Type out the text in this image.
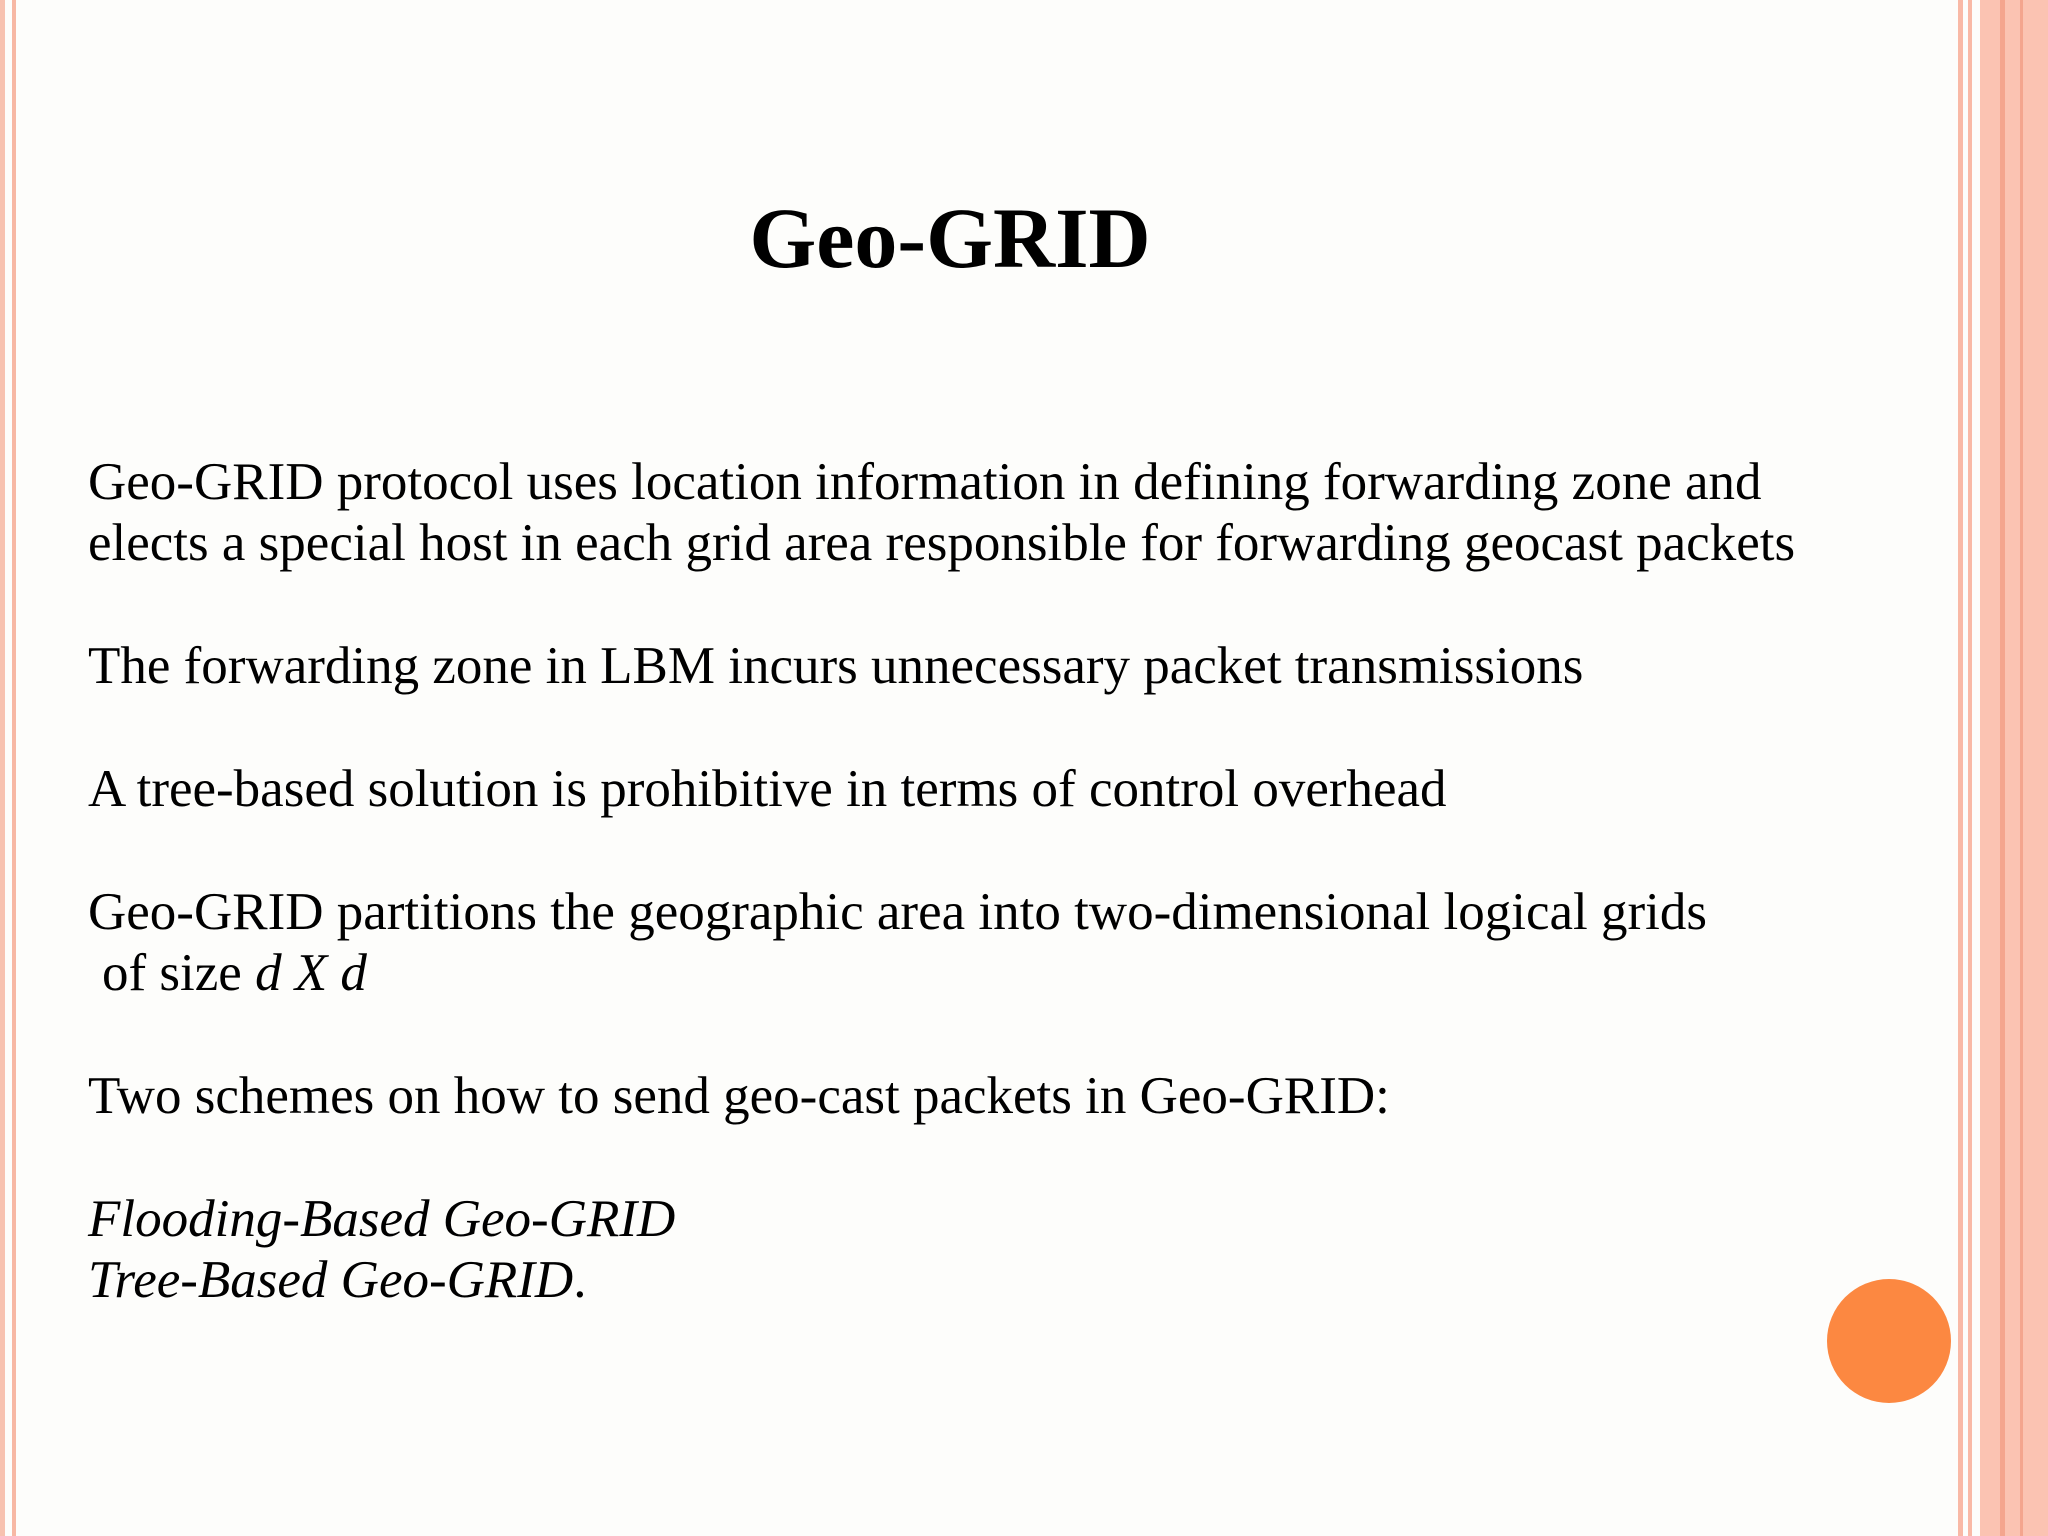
Geo-GRID

Geo-GRID protocol uses location information in defining forwarding zone and

elects a special host in each grid area responsible for forwarding geocast packets

The forwarding zone in LBM incurs unnecessary packet transmissions

A tree-based solution is prohibitive in terms of control overhead

Geo-GRID partitions the geographic area into two-dimensional logical grids

of size d X d

Two schemes on how to send geo-cast packets in Geo-GRID:

Flooding-Based Geo-GRID

Tree-Based Geo-GRID.
